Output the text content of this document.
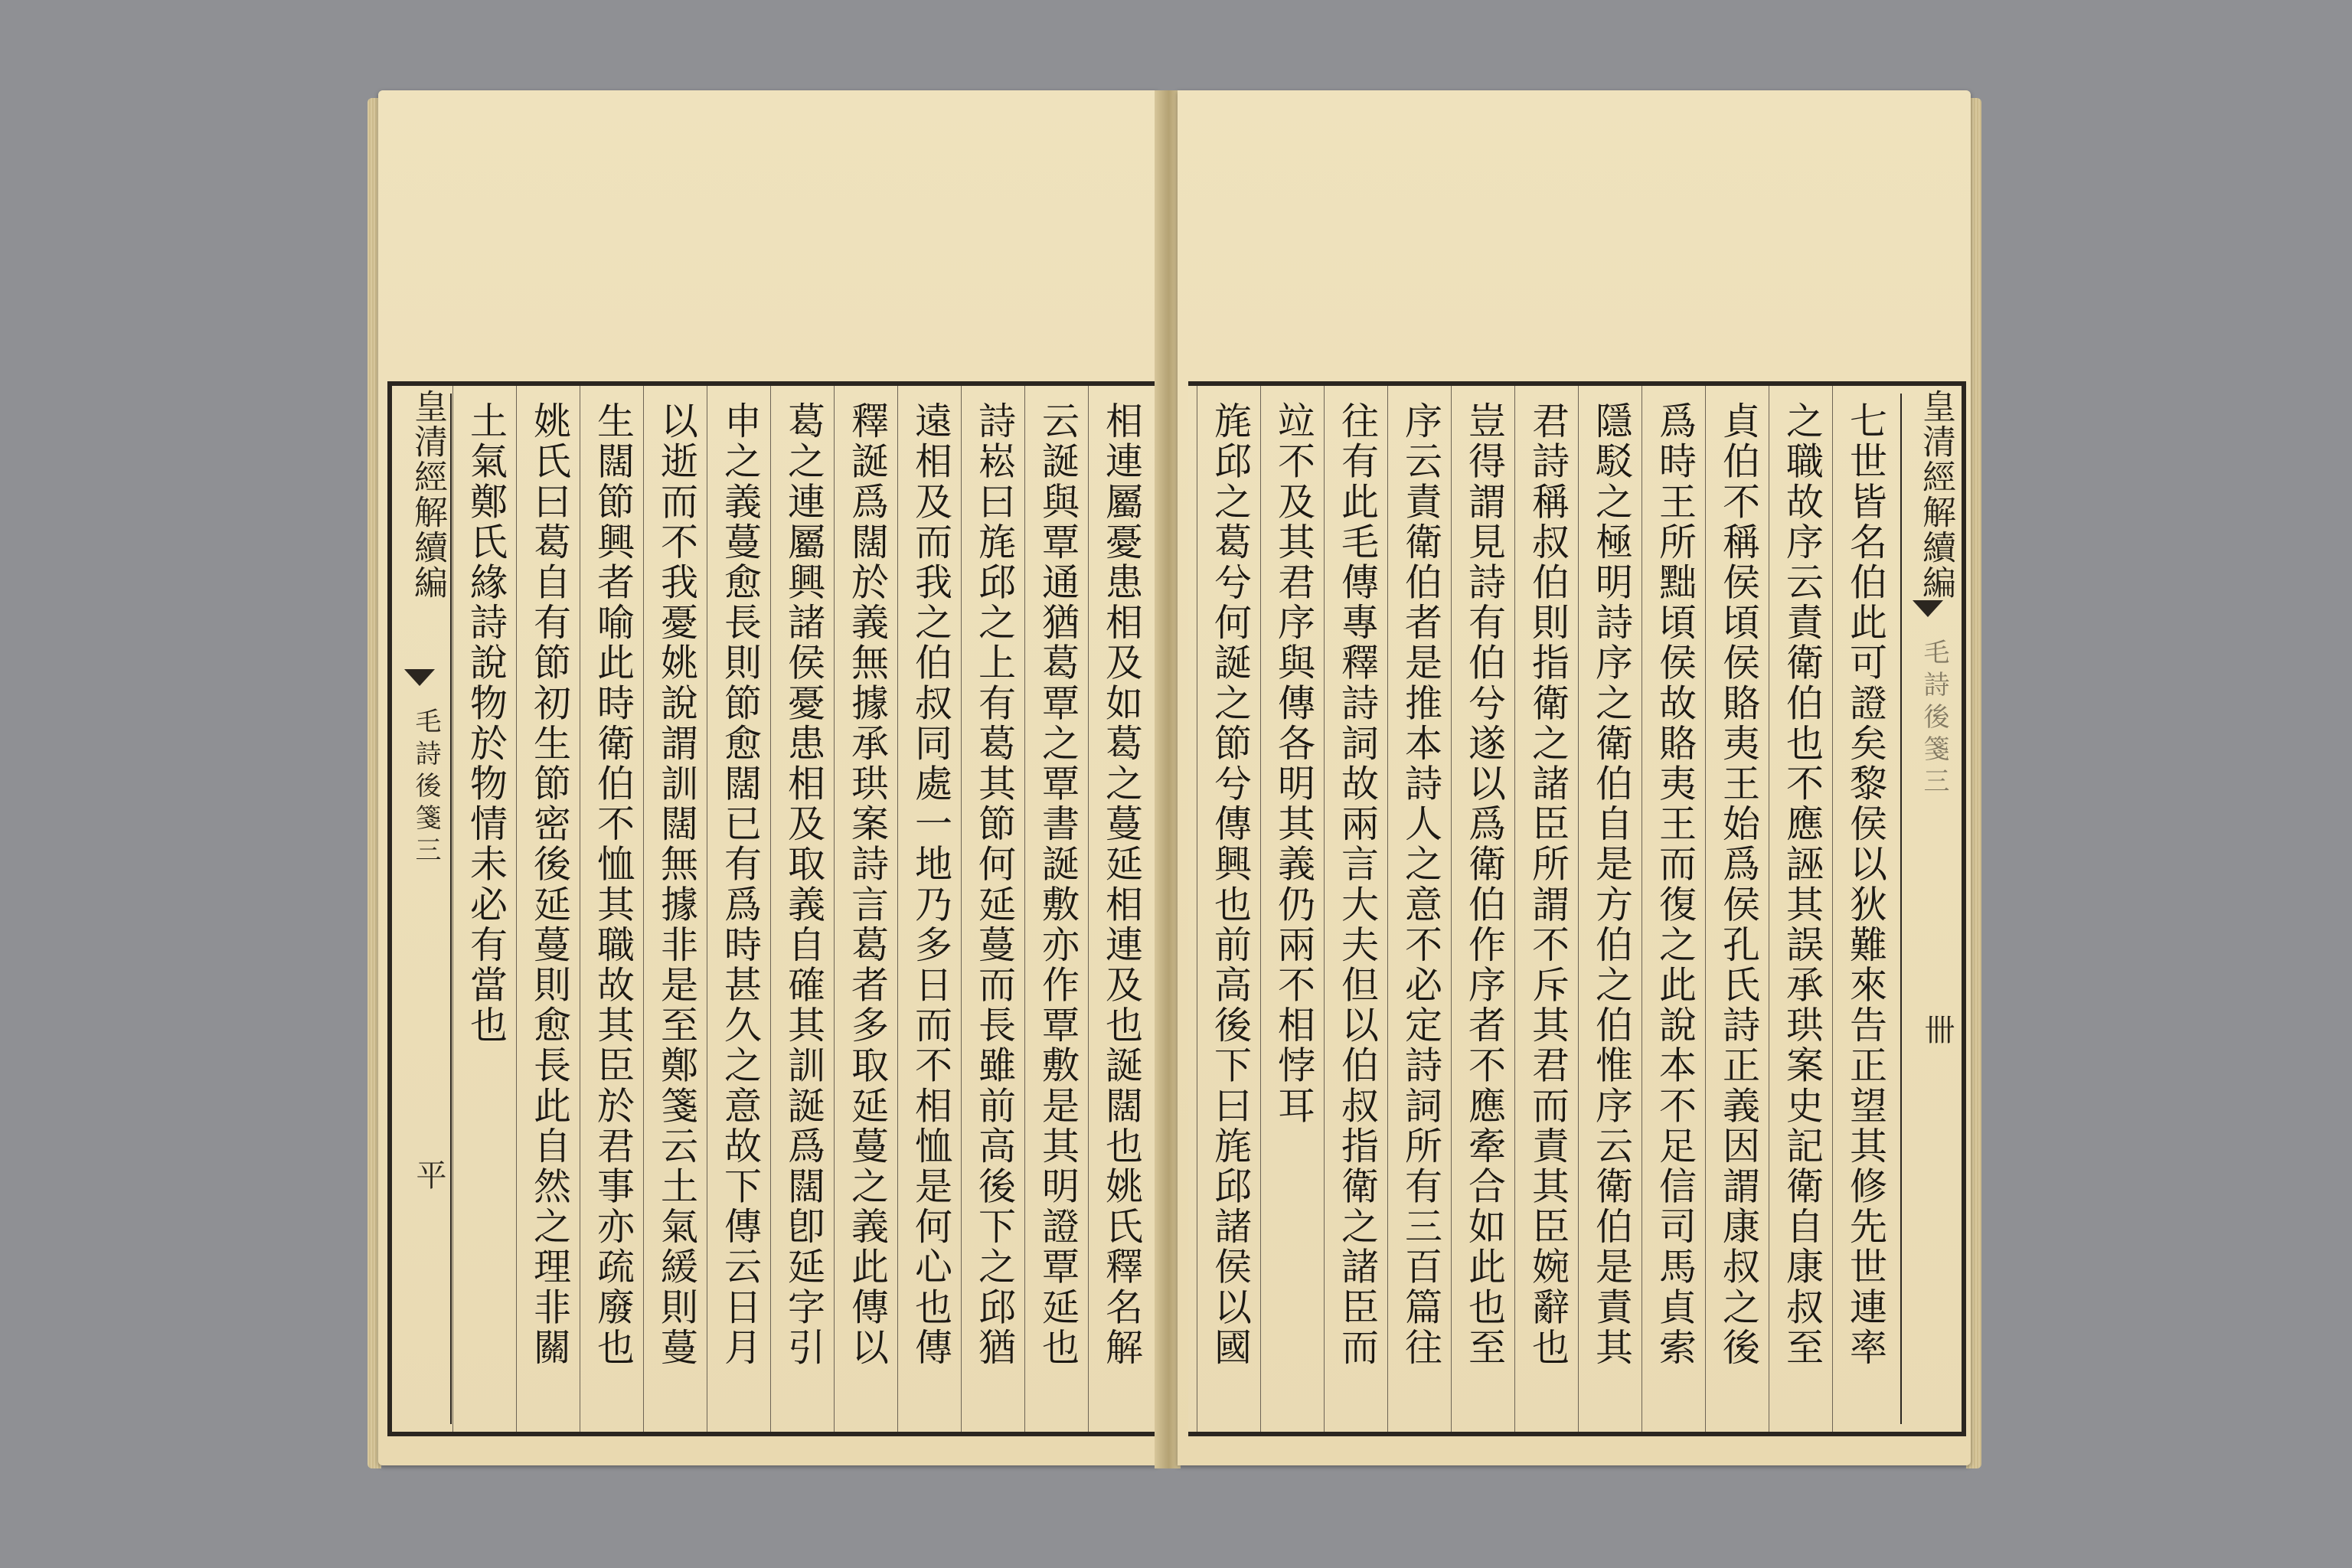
皇清經解續編
毛詩後箋三
平	相連屬憂患相及如葛之蔓延相連及也誕闊也姚氏釋名解
云誕與覃通猶葛覃之覃書誕敷亦作覃敷是其明證覃延也
詩崧曰旄邱之上有葛其節何延蔓而長雖前高後下之邱猶
遠相及而我之伯叔同處一地乃多日而不相恤是何心也傳
釋誕爲闊於義無據承珙案詩言葛者多取延蔓之義此傳以
葛之連屬興諸侯憂患相及取義自確其訓誕爲闊卽延字引
申之義蔓愈長則節愈闊已有爲時甚久之意故下傳云日月
以逝而不我憂姚說謂訓闊無據非是至鄭箋云土氣緩則蔓
生闊節興者喻此時衛伯不恤其職故其臣於君事亦疏廢也
姚氏曰葛自有節初生節密後延蔓則愈長此自然之理非關
土氣鄭氏緣詩說物於物情未必有當也	皇清經解續編
毛詩後箋三
卌
七世皆名伯此可證矣黎侯以狄難來告正望其修先世連率
之職故序云責衛伯也不應誣其誤承珙案史記衛自康叔至
貞伯不稱侯頃侯賂夷王始爲侯孔氏詩正義因謂康叔之後
爲時王所黜頃侯故賂夷王而復之此說本不足信司馬貞索
隱駁之極明詩序之衛伯自是方伯之伯惟序云衛伯是責其
君詩稱叔伯則指衛之諸臣所謂不斥其君而責其臣婉辭也
豈得謂見詩有伯兮遂以爲衛伯作序者不應牽合如此也至
序云責衛伯者是推本詩人之意不必定詩詞所有三百篇往
往有此毛傳專釋詩詞故兩言大夫但以伯叔指衛之諸臣而
竝不及其君序與傳各明其義仍兩不相悖耳
旄邱之葛兮何誕之節兮傳興也前高後下曰旄邱諸侯以國
